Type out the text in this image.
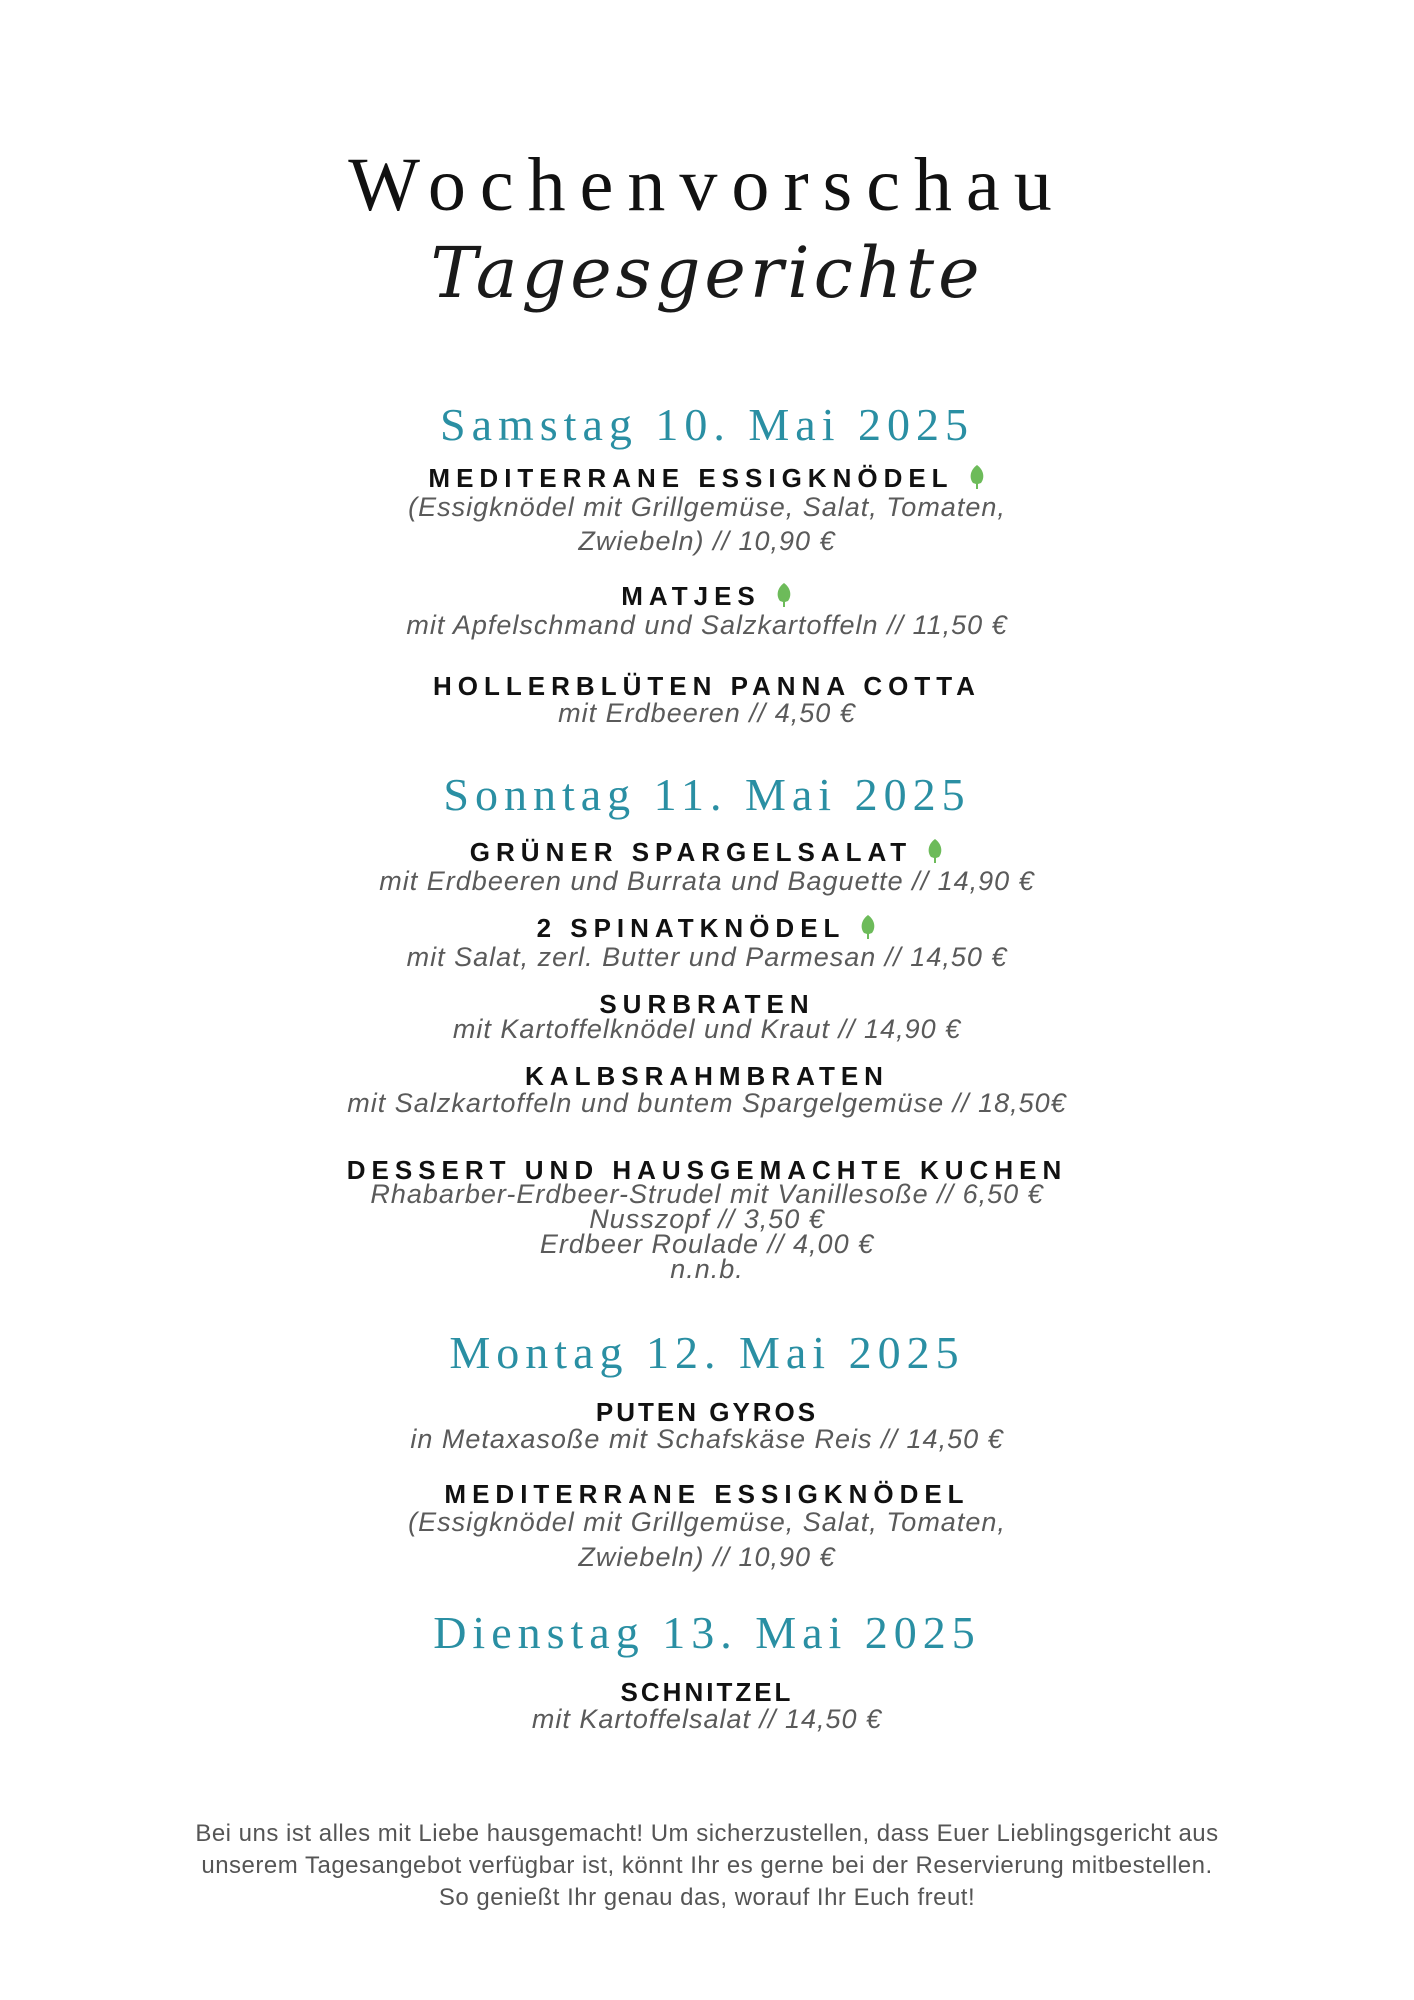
Wochenvorschau
Tagesgerichte
Samstag 10. Mai 2025
MEDITERRANE ESSIGKNÖDEL
(Essigknödel mit Grillgemüse, Salat, Tomaten,
Zwiebeln) // 10,90 €
MATJES
mit Apfelschmand und Salzkartoffeln // 11,50 €
HOLLERBLÜTEN PANNA COTTA
mit Erdbeeren // 4,50 €
Sonntag 11. Mai 2025
GRÜNER SPARGELSALAT
mit Erdbeeren und Burrata und Baguette // 14,90 €
2 SPINATKNÖDEL
mit Salat, zerl. Butter und Parmesan // 14,50 €
SURBRATEN
mit Kartoffelknödel und Kraut // 14,90 €
KALBSRAHMBRATEN
mit Salzkartoffeln und buntem Spargelgemüse // 18,50€
DESSERT UND HAUSGEMACHTE KUCHEN
Rhabarber-Erdbeer-Strudel mit Vanillesoße // 6,50 €
Nusszopf // 3,50 €
Erdbeer Roulade // 4,00 €
n.n.b.
Montag 12. Mai 2025
PUTEN GYROS
in Metaxasoße mit Schafskäse Reis // 14,50 €
MEDITERRANE ESSIGKNÖDEL
(Essigknödel mit Grillgemüse, Salat, Tomaten,
Zwiebeln) // 10,90 €
Dienstag 13. Mai 2025
SCHNITZEL
mit Kartoffelsalat // 14,50 €
Bei uns ist alles mit Liebe hausgemacht! Um sicherzustellen, dass Euer Lieblingsgericht aus
unserem Tagesangebot verfügbar ist, könnt Ihr es gerne bei der Reservierung mitbestellen.
So genießt Ihr genau das, worauf Ihr Euch freut!
